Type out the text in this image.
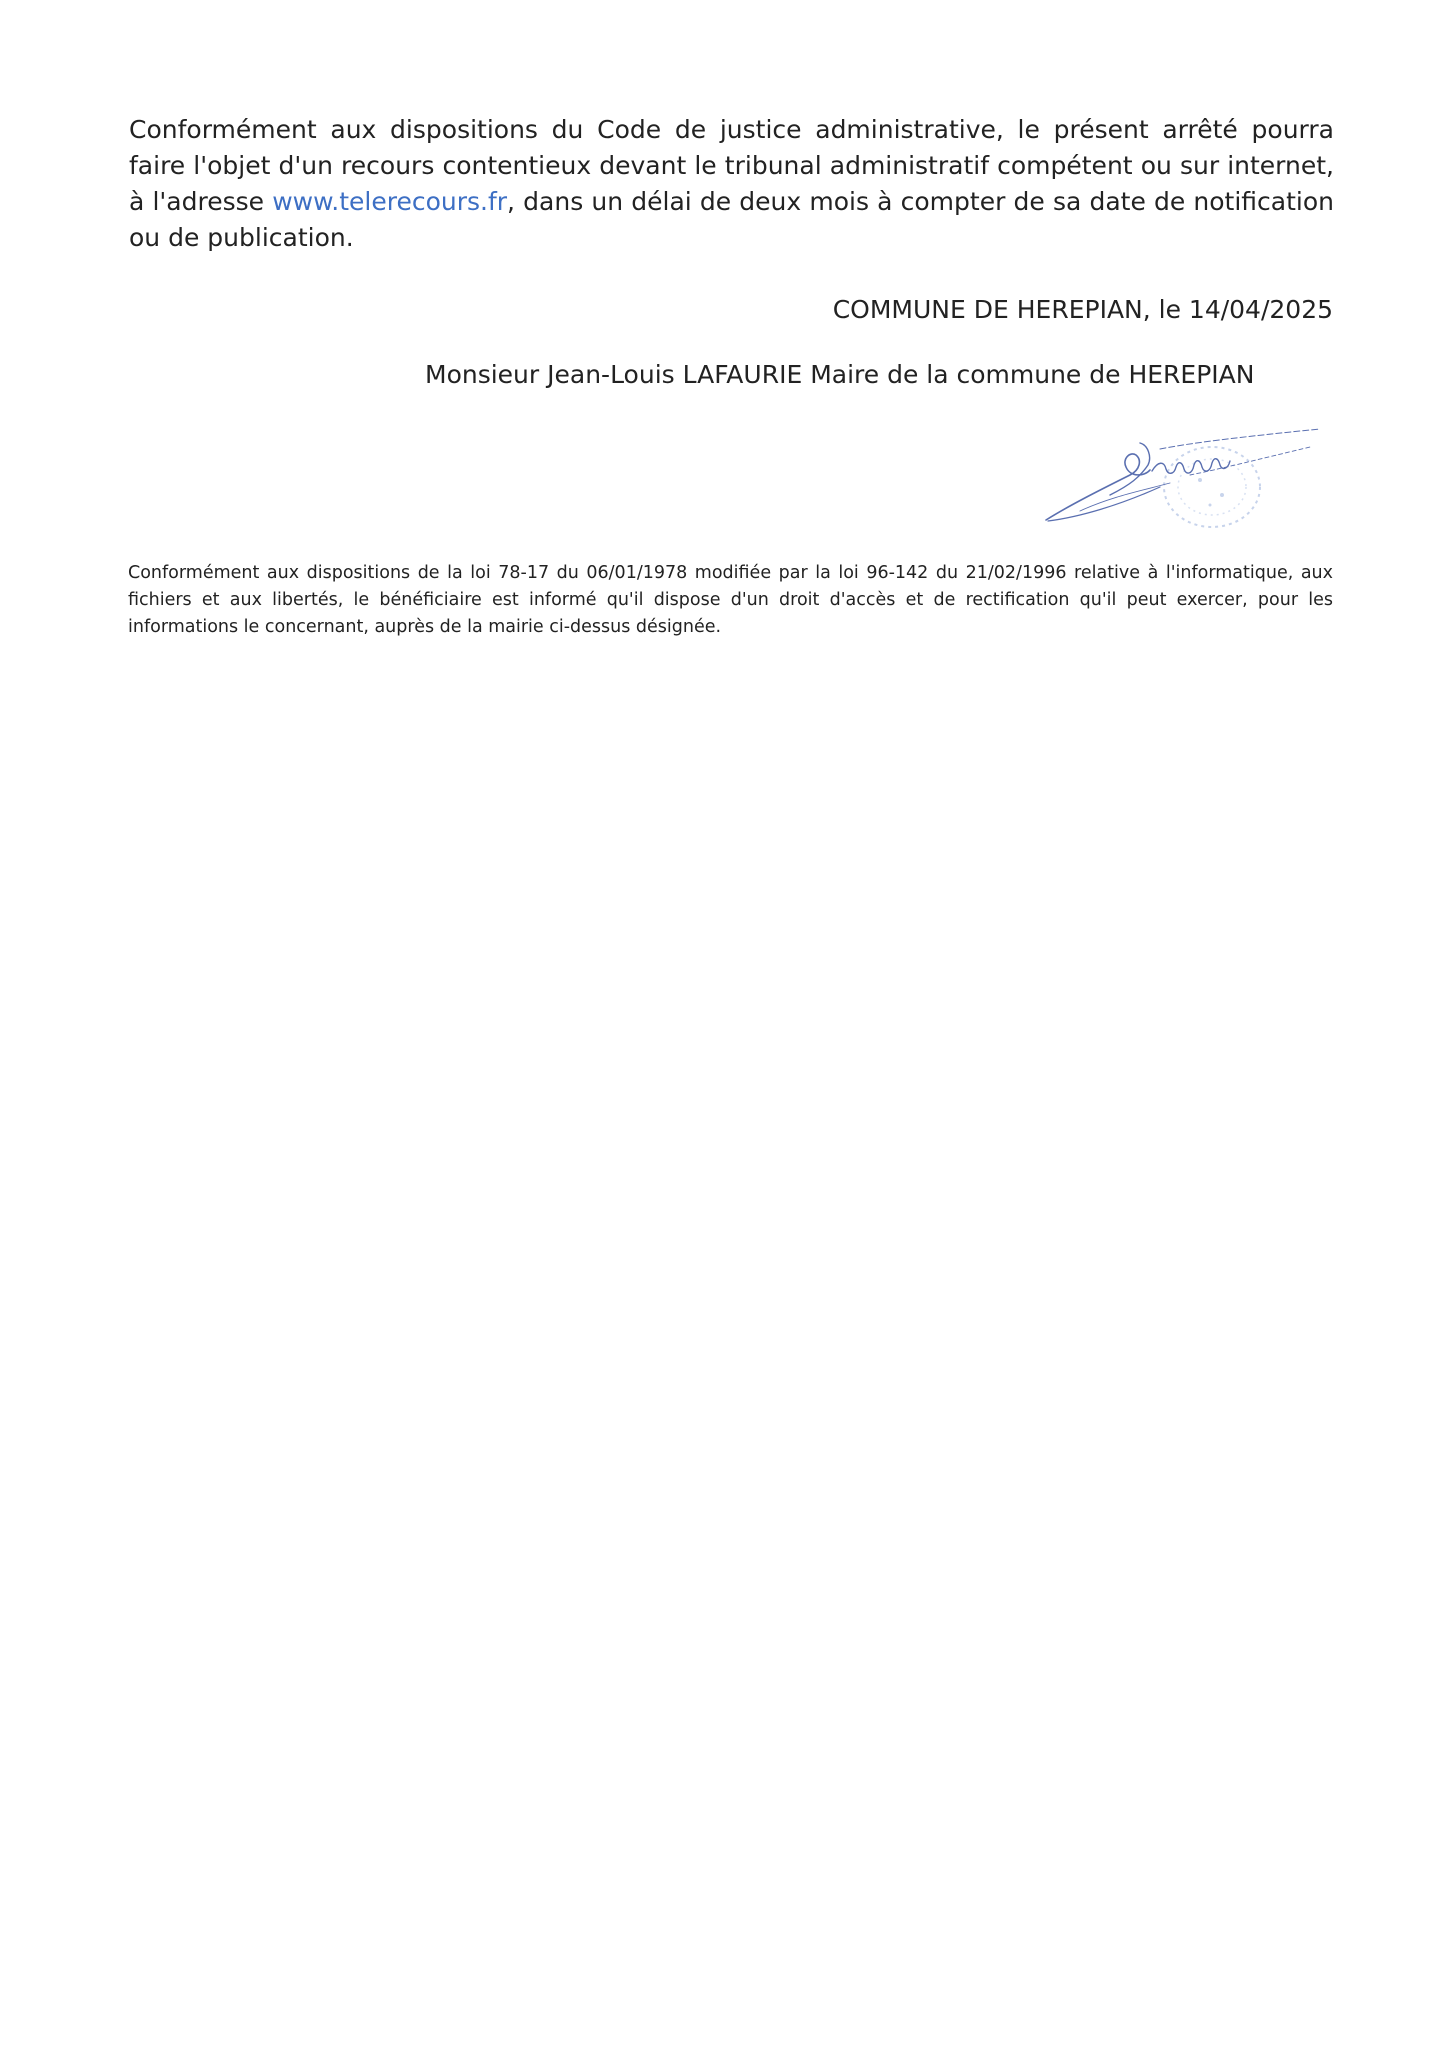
Conformément aux dispositions du Code de justice administrative, le présent arrêté pourra faire l'objet d'un recours contentieux devant le tribunal administratif compétent ou sur internet, à l'adresse www.telerecours.fr, dans un délai de deux mois à compter de sa date de notification ou de publication.

COMMUNE DE HEREPIAN, le 14/04/2025
Monsieur Jean-Louis LAFAURIE Maire de la commune de HEREPIAN

Conformément aux dispositions de la loi 78-17 du 06/01/1978 modifiée par la loi 96-142 du 21/02/1996 relative à l'informatique, aux fichiers et aux libertés, le bénéficiaire est informé qu'il dispose d'un droit d'accès et de rectification qu'il peut exercer, pour les informations le concernant, auprès de la mairie ci-dessus désignée.
